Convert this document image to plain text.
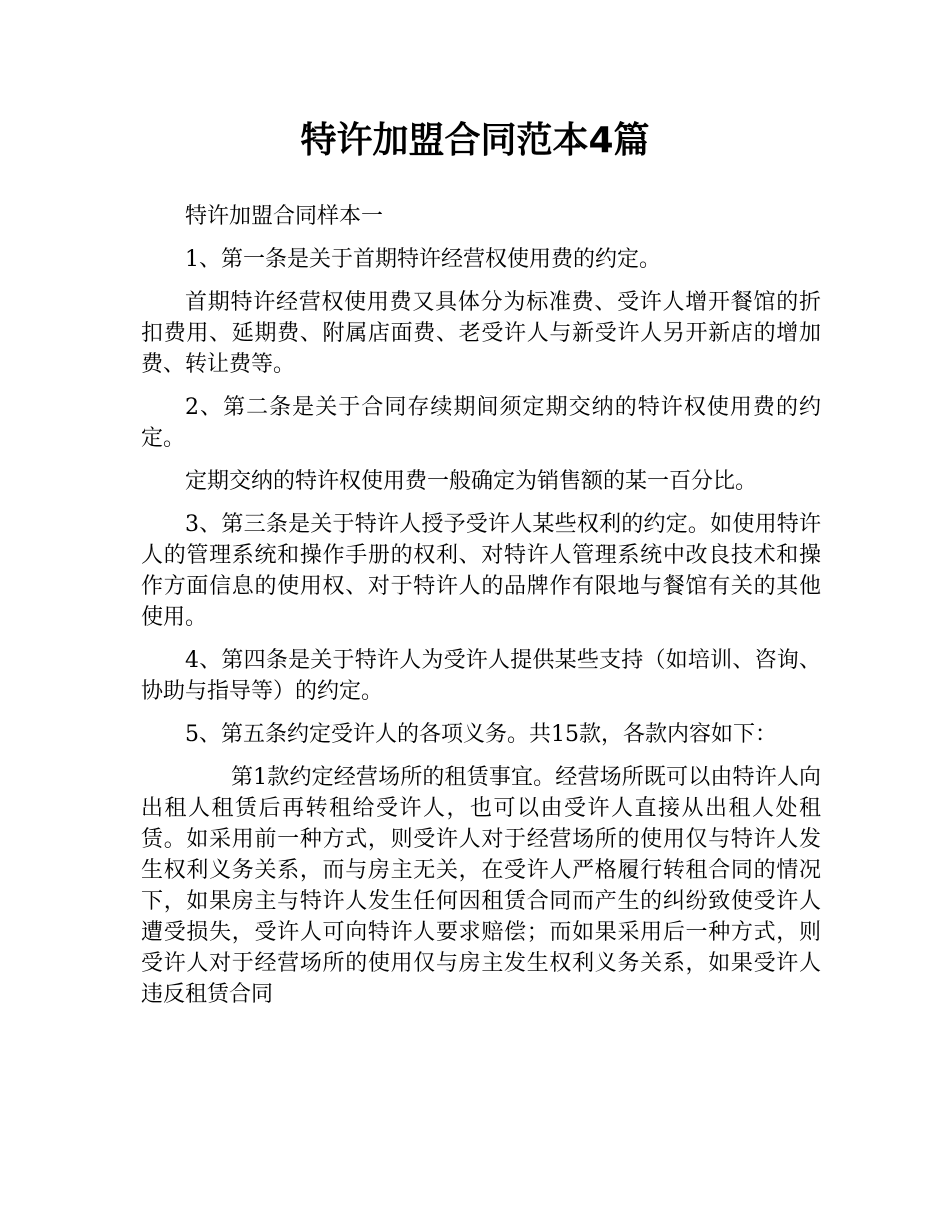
特许加盟合同范本4篇

特许加盟合同样本一

1、第一条是关于首期特许经营权使用费的约定。

首期特许经营权使用费又具体分为标准费、受许人增开餐馆的折扣费用、延期费、附属店面费、老受许人与新受许人另开新店的增加费、转让费等。

2、第二条是关于合同存续期间须定期交纳的特许权使用费的约定。

定期交纳的特许权使用费一般确定为销售额的某一百分比。

3、第三条是关于特许人授予受许人某些权利的约定。如使用特许人的管理系统和操作手册的权利、对特许人管理系统中改良技术和操作方面信息的使用权、对于特许人的品牌作有限地与餐馆有关的其他使用。

4、第四条是关于特许人为受许人提供某些支持（如培训、咨询、协助与指导等）的约定。

5、第五条约定受许人的各项义务。共15款，各款内容如下：

第1款约定经营场所的租赁事宜。经营场所既可以由特许人向出租人租赁后再转租给受许人，也可以由受许人直接从出租人处租赁。如采用前一种方式，则受许人对于经营场所的使用仅与特许人发生权利义务关系，而与房主无关，在受许人严格履行转租合同的情况下，如果房主与特许人发生任何因租赁合同而产生的纠纷致使受许人遭受损失，受许人可向特许人要求赔偿；而如果采用后一种方式，则受许人对于经营场所的使用仅与房主发生权利义务关系，如果受许人违反租赁合同
